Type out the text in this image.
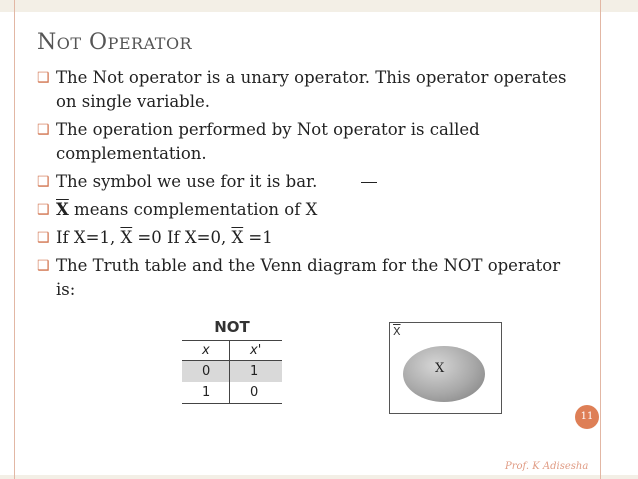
NOT OPERATOR
❑ The Not operator is a unary operator. This operator operates on single variable.
❑ The operation performed by Not operator is called complementation.
❑ The symbol we use for it is bar.
❑ $\overline{X}$ means complementation of X
❑ If X=1, $\overline{X} =0$ If X=0, $\overline{X} =1$
❑ The Truth table and the Venn diagram for the NOT operator is:
NOT
x	x'
0	1
1	0
$\overline{X}$
X
11
Prof. K Adisesha
